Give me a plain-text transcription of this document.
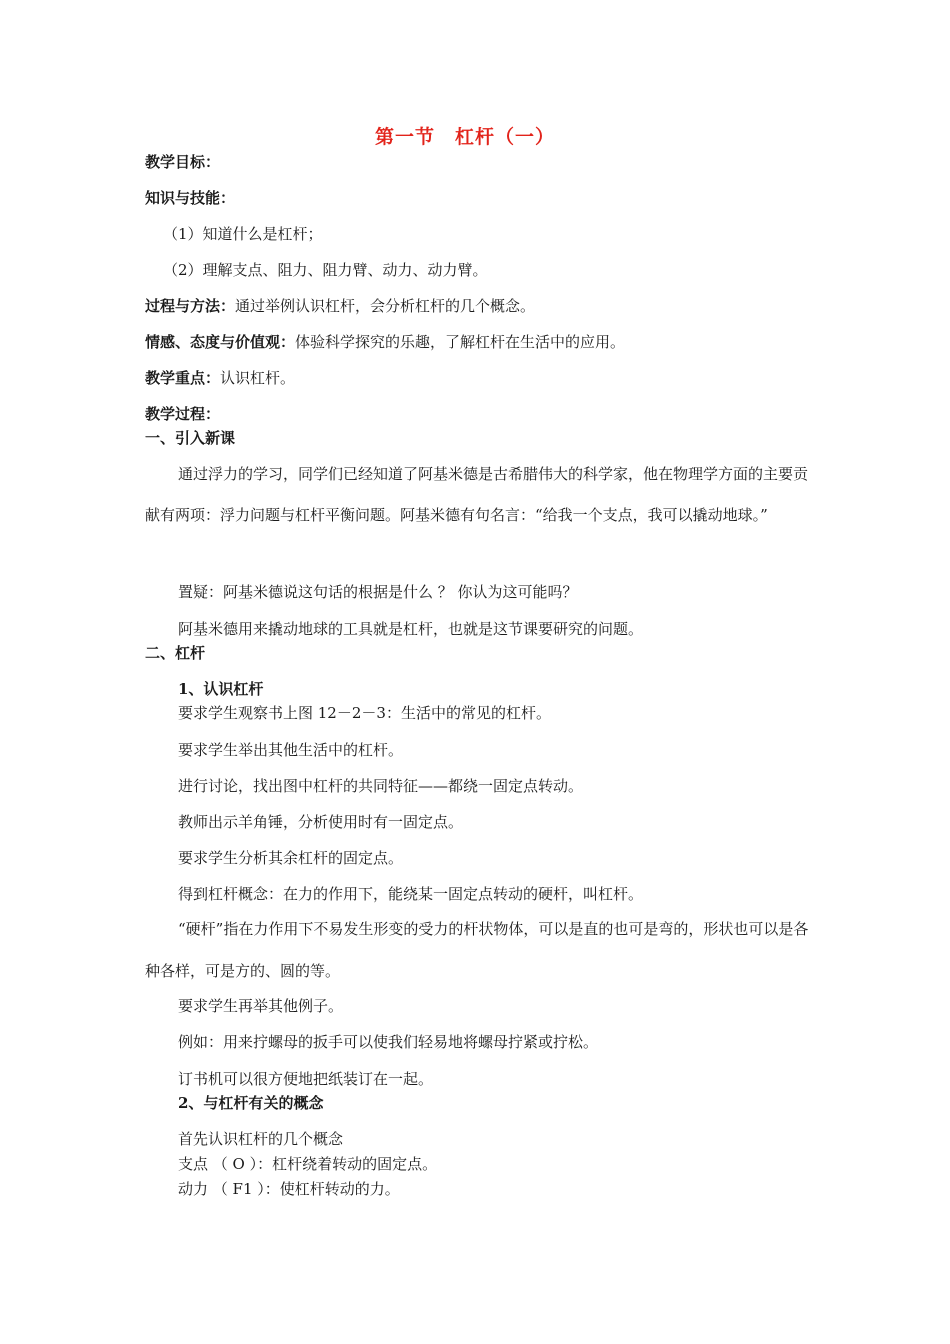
第一节　杠杆（一）
教学目标：
知识与技能：
（1）知道什么是杠杆；
（2）理解支点、阻力、阻力臂、动力、动力臂。
过程与方法：通过举例认识杠杆，会分析杠杆的几个概念。
情感、态度与价值观：体验科学探究的乐趣，了解杠杆在生活中的应用。
教学重点：认识杠杆。
教学过程：
一、引入新课
通过浮力的学习，同学们已经知道了阿基米德是古希腊伟大的科学家，他在物理学方面的主要贡献有两项：浮力问题与杠杆平衡问题。阿基米德有句名言：“给我一个支点，我可以撬动地球。”
置疑：阿基米德说这句话的根据是什么 ？ 你认为这可能吗？
阿基米德用来撬动地球的工具就是杠杆，也就是这节课要研究的问题。
二、杠杆
1、认识杠杆
要求学生观察书上图 12－2－3：生活中的常见的杠杆。
要求学生举出其他生活中的杠杆。
进行讨论，找出图中杠杆的共同特征——都绕一固定点转动。
教师出示羊角锤，分析使用时有一固定点。
要求学生分析其余杠杆的固定点。
得到杠杆概念：在力的作用下，能绕某一固定点转动的硬杆，叫杠杆。
“硬杆”指在力作用下不易发生形变的受力的杆状物体，可以是直的也可是弯的，形状也可以是各种各样，可是方的、圆的等。
要求学生再举其他例子。
例如：用来拧螺母的扳手可以使我们轻易地将螺母拧紧或拧松。
订书机可以很方便地把纸装订在一起。
2、与杠杆有关的概念
首先认识杠杆的几个概念
支点 （ O ）：杠杆绕着转动的固定点。
动力 （ F1 ）：使杠杆转动的力。
